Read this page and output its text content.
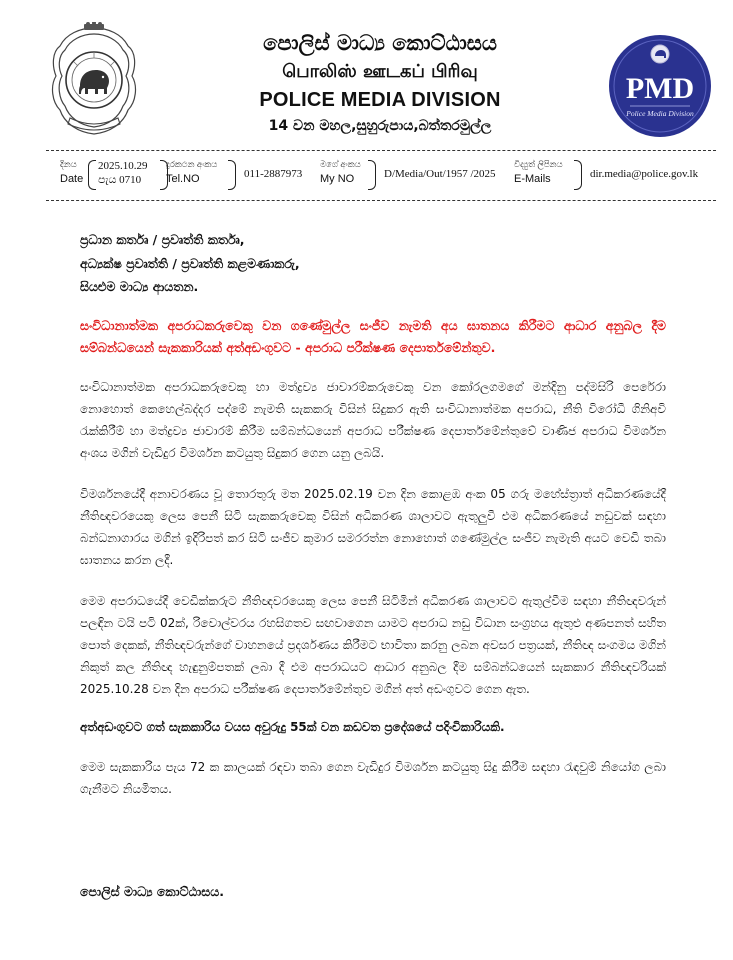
පොලිස් මාධ්‍ය කොට්ඨාසය
பொலிஸ் ஊடகப் பிரிவு
POLICE MEDIA DIVISION
14 වන මහල,සුහුරුපාය,බත්තරමුල්ල
PMD
Police Media Division
දිනය
Date
2025.10.29
පැය 0710
දුරකථන අංකය
Tel.NO	011-2887973
මගේ අංකය
My NO	D/Media/Out/1957 /2025
විද්‍යුත් ලිපිනය
E-Mails	dir.media@police.gov.lk
ප්‍රධාන කර්තෘ / ප්‍රවෘත්ති කර්තෘ,
අධ්‍යක්ෂ ප්‍රවෘත්ති / ප්‍රවෘත්ති කළමණාකරු,
සියළුම මාධ්‍ය ආයතන.
සංවිධානාත්මක අපරාධකරුවෙකු වන ගණේමුල්ල සංජීව නැමති අය ඝාතනය කිරීමට ආධාර අනුබල දීම සම්බන්ධයෙන් සැකකාරියක් අත්අඩංගුවට - අපරාධ පරීක්ෂණ දෙපාර්තමේන්තුව.

සංවිධානාත්මක අපරාධකරුවෙකු හා මත්ද්‍රව්‍ය ජාවාරම්කරුවෙකු වන කෝරලගමගේ මන්දිනු පද්මසිරි පෙරේරා නොහොත් කෙහෙල්බද්දර පද්මේ නැමති සැකකරු විසින් සිදුකර ඇති සංවිධානාත්මක අපරාධ, නීති විරෝධී ගිනිඅවි රැක්කිරීම් හා මත්ද්‍රව්‍ය ජාවාරම් කිරීම සම්බන්ධයෙන් අපරාධ පරීක්ෂණ දෙපාර්තමේන්තුවේ වාණිජ අපරාධ විමර්ශන අංශය මගින් වැඩිදුර විමර්ශන කටයුතු සිදුකර ගෙන යනු ලබයි.

විමර්ශනයේදී අනාවරණය වූ තොරතුරු මත 2025.02.19 වන දින කොළඹ අංක 05 ගරු මහේස්ත්‍රාත් අධිකරණයේදී නීතිඥවරයෙකු ලෙස පෙනී සිටි සැකකරුවෙකු විසින් අධිකරණ ශාලාවට ඇතුලුවී එම අධිකරණයේ නඩුවක් සඳහා බන්ධනාගාරය මගින් ඉදිරිපත් කර සිටි සංජීව කුමාර සමරරත්න නොහොත් ගණේමුල්ල සංජීව නැමැති අයට වෙඩි තබා ඝාතනය කරන ලදී.

මෙම අපරාධයේදී වෙඩික්කරුට නීතිඥවරයෙකු ලෙස පෙනී සිටිමින් අධිකරණ ශාලාවට ඇතුල්වීම සඳහා නීතිඥවරුන් පලඳින ටයි පටි 02ක්, රිවොල්වරය රහසිගතව සඟවාගෙන යාමට අපරාධ නඩු විධාන සංග්‍රහය ඇතුළු අණපනත් සහිත පොත් දෙකක්, නීතිඥවරුන්ගේ වාහනයේ ප්‍රදර්ශණය කිරීමට භාවිතා කරනු ලබන අවසර පත්‍රයක්, නීතිඥ සංගමය මගින් නිකුත් කල නීතිඥ හැඳුනුම්පතක් ලබා දී එම අපරාධයට ආධාර අනුබල දීම සම්බන්ධයෙන් සැකකාර නීතිඥවරියක් 2025.10.28 වන දින අපරාධ පරීක්ෂණ දෙපාර්තමේන්තුව මගින් අත් අඩංගුවට ගෙන ඇත.

අත්අඩංගුවට ගත් සැකකාරිය වයස අවුරුදු 55ක් වන කඩවත ප්‍රදේශයේ පදිංචිකාරියකි.

මෙම සැකකාරිය පැය 72 ක කාලයක් රඳවා තබා ගෙන වැඩිදුර විමර්ශන කටයුතු සිදු කිරීම සඳහා රැඳවුම් නියෝග ලබා ගැනීමට නියමිතය.

පොලිස් මාධ්‍ය කොට්ඨාසය.
